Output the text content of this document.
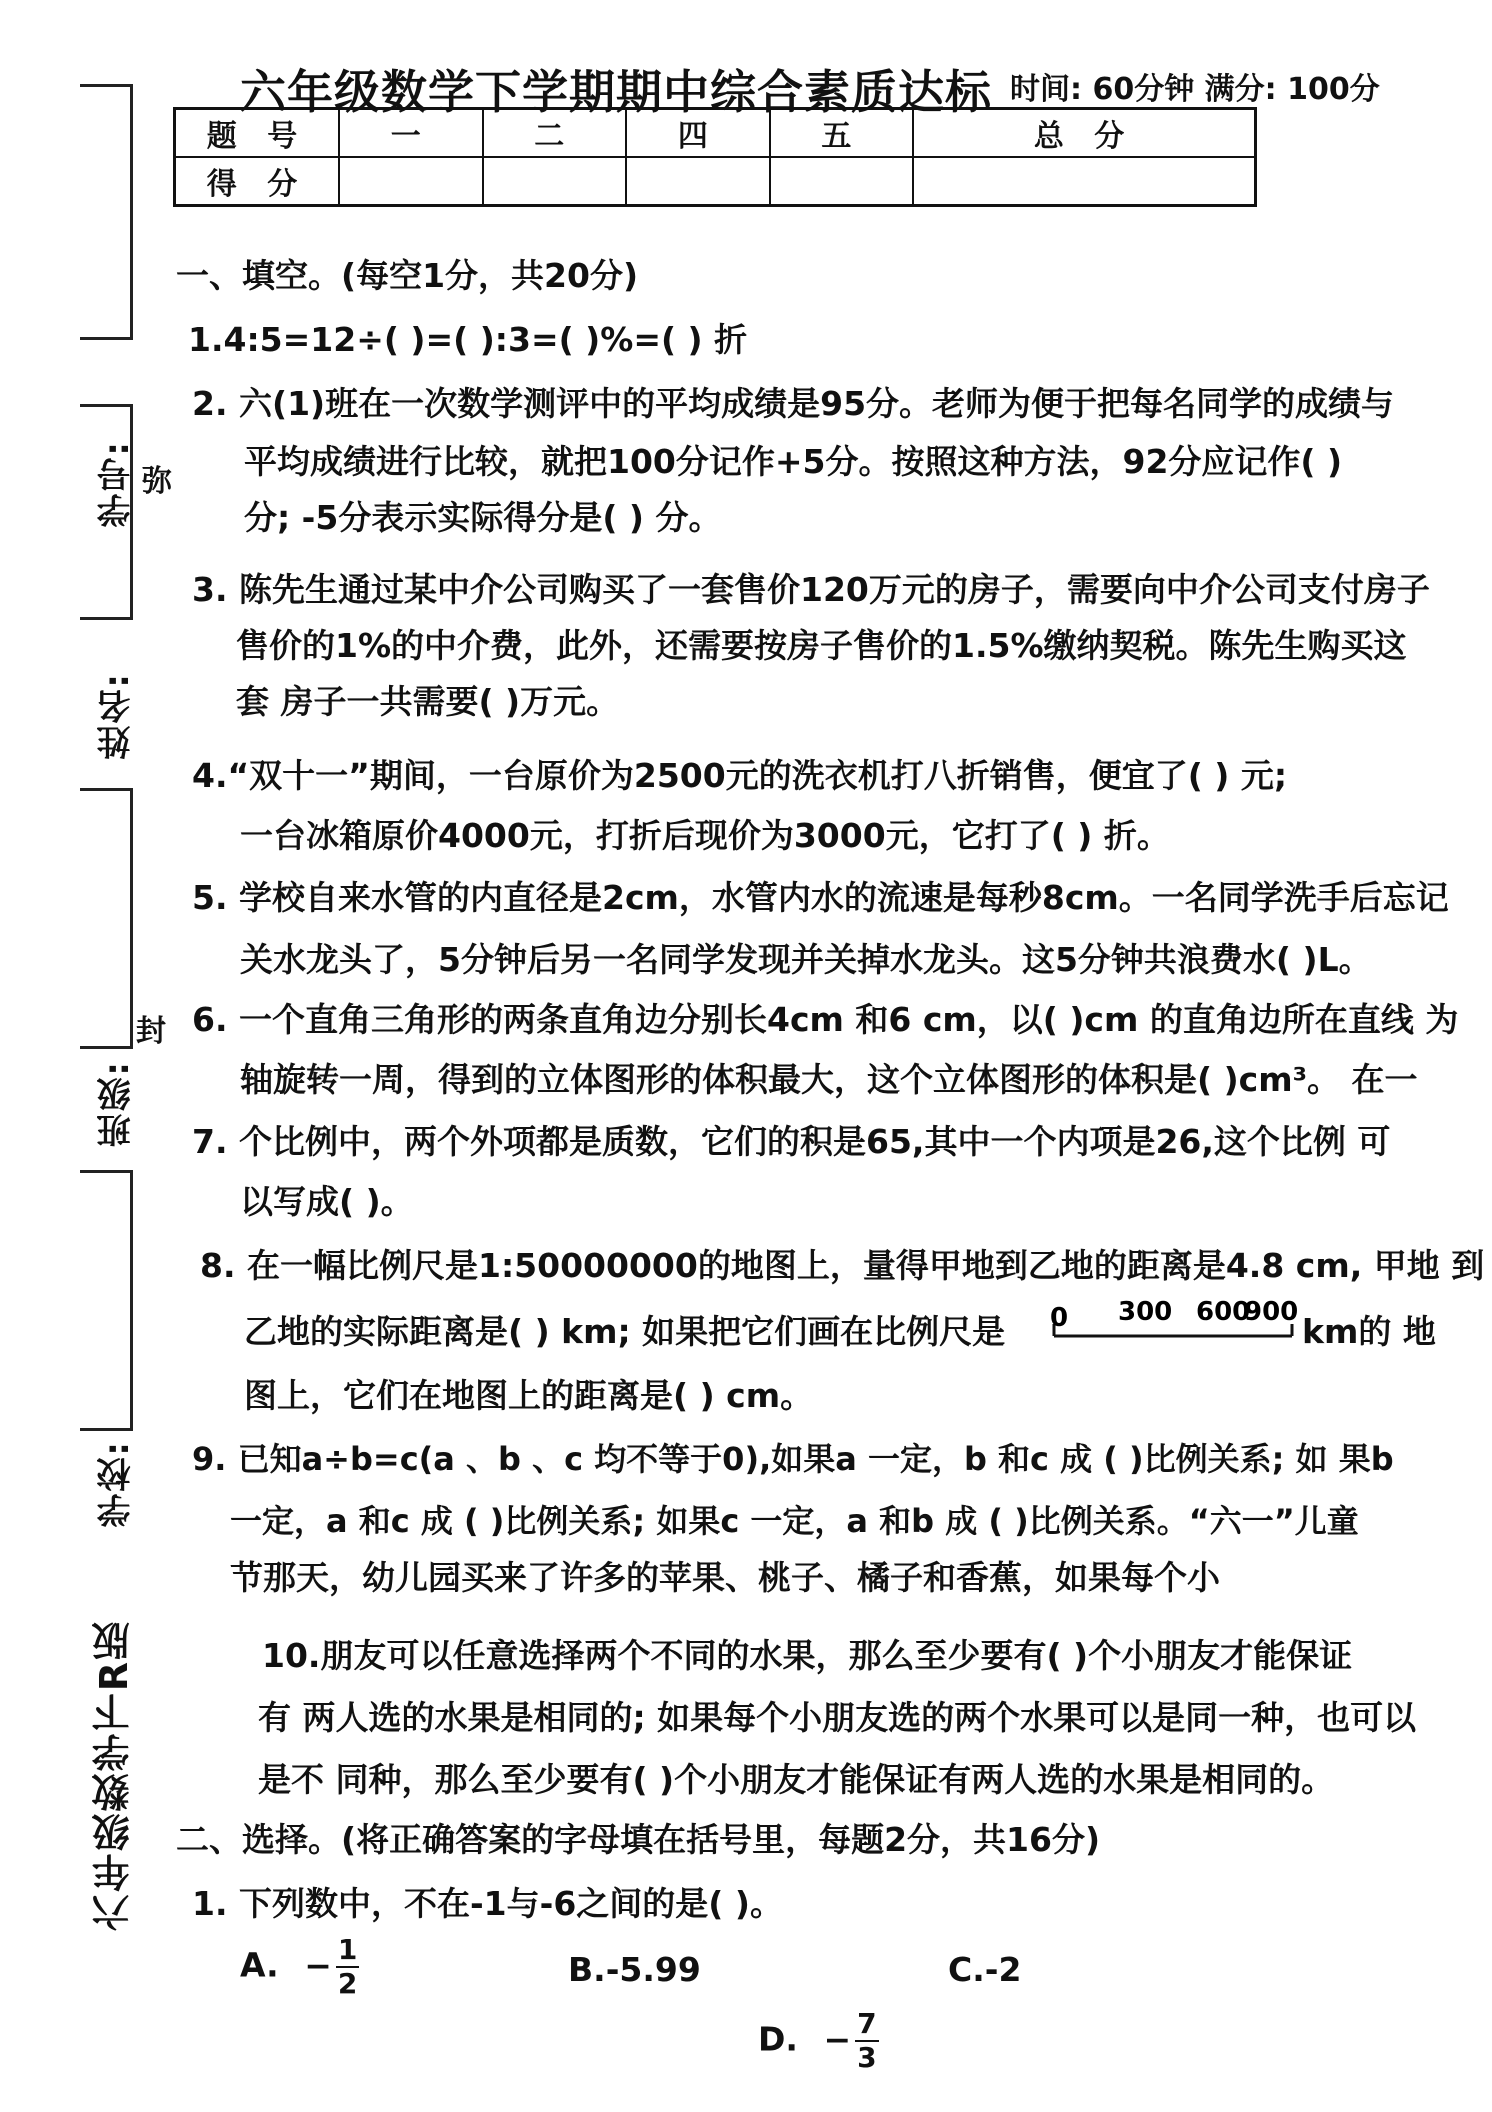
学号:
姓名:
班级:
学校:
六年级数学下R版
弥
封
六年级数学下学期期中综合素质达标 时间: 60分钟 满分: 100分
题 号	一	二	四	五	总 分
得 分					
一、填空。(每空1分，共20分)
1.4:5=12÷( )=( ):3=( )%=( ) 折
2. 六(1)班在一次数学测评中的平均成绩是95分。老师为便于把每名同学的成绩与
平均成绩进行比较，就把100分记作+5分。按照这种方法，92分应记作( )
分; -5分表示实际得分是( ) 分。
3. 陈先生通过某中介公司购买了一套售价120万元的房子，需要向中介公司支付房子
售价的1%的中介费，此外，还需要按房子售价的1.5%缴纳契税。陈先生购买这
套 房子一共需要( )万元。
4.“双十一”期间，一台原价为2500元的洗衣机打八折销售，便宜了( ) 元;
一台冰箱原价4000元，打折后现价为3000元，它打了( ) 折。
5. 学校自来水管的内直径是2cm，水管内水的流速是每秒8cm。一名同学洗手后忘记
关水龙头了，5分钟后另一名同学发现并关掉水龙头。这5分钟共浪费水( )L。
6. 一个直角三角形的两条直角边分别长4cm 和6 cm，以( )cm 的直角边所在直线 为
轴旋转一周，得到的立体图形的体积最大，这个立体图形的体积是( )cm³。 在一
7. 个比例中，两个外项都是质数，它们的积是65,其中一个内项是26,这个比例 可
以写成( )。
8. 在一幅比例尺是1:50000000的地图上，量得甲地到乙地的距离是4.8 cm, 甲地 到
乙地的实际距离是( ) km; 如果把它们画在比例尺是 0 300 600
900 km的 地
图上，它们在地图上的距离是( ) cm。
9. 已知a÷b=c(a 、b 、c 均不等于0),如果a 一定，b 和c 成 ( )比例关系; 如 果b
一定，a 和c 成 ( )比例关系; 如果c 一定，a 和b 成 ( )比例关系。“六一”儿童
节那天，幼儿园买来了许多的苹果、桃子、橘子和香蕉，如果每个小
10.朋友可以任意选择两个不同的水果，那么至少要有( )个小朋友才能保证
有 两人选的水果是相同的; 如果每个小朋友选的两个水果可以是同一种，也可以
是不 同种，那么至少要有( )个小朋友才能保证有两人选的水果是相同的。
二、选择。(将正确答案的字母填在括号里，每题2分，共16分)
1. 下列数中，不在-1与-6之间的是( )。
A. − $\frac{1}{2}$	B.-5.99	C.-2
D. − $\frac{7}{3}$
